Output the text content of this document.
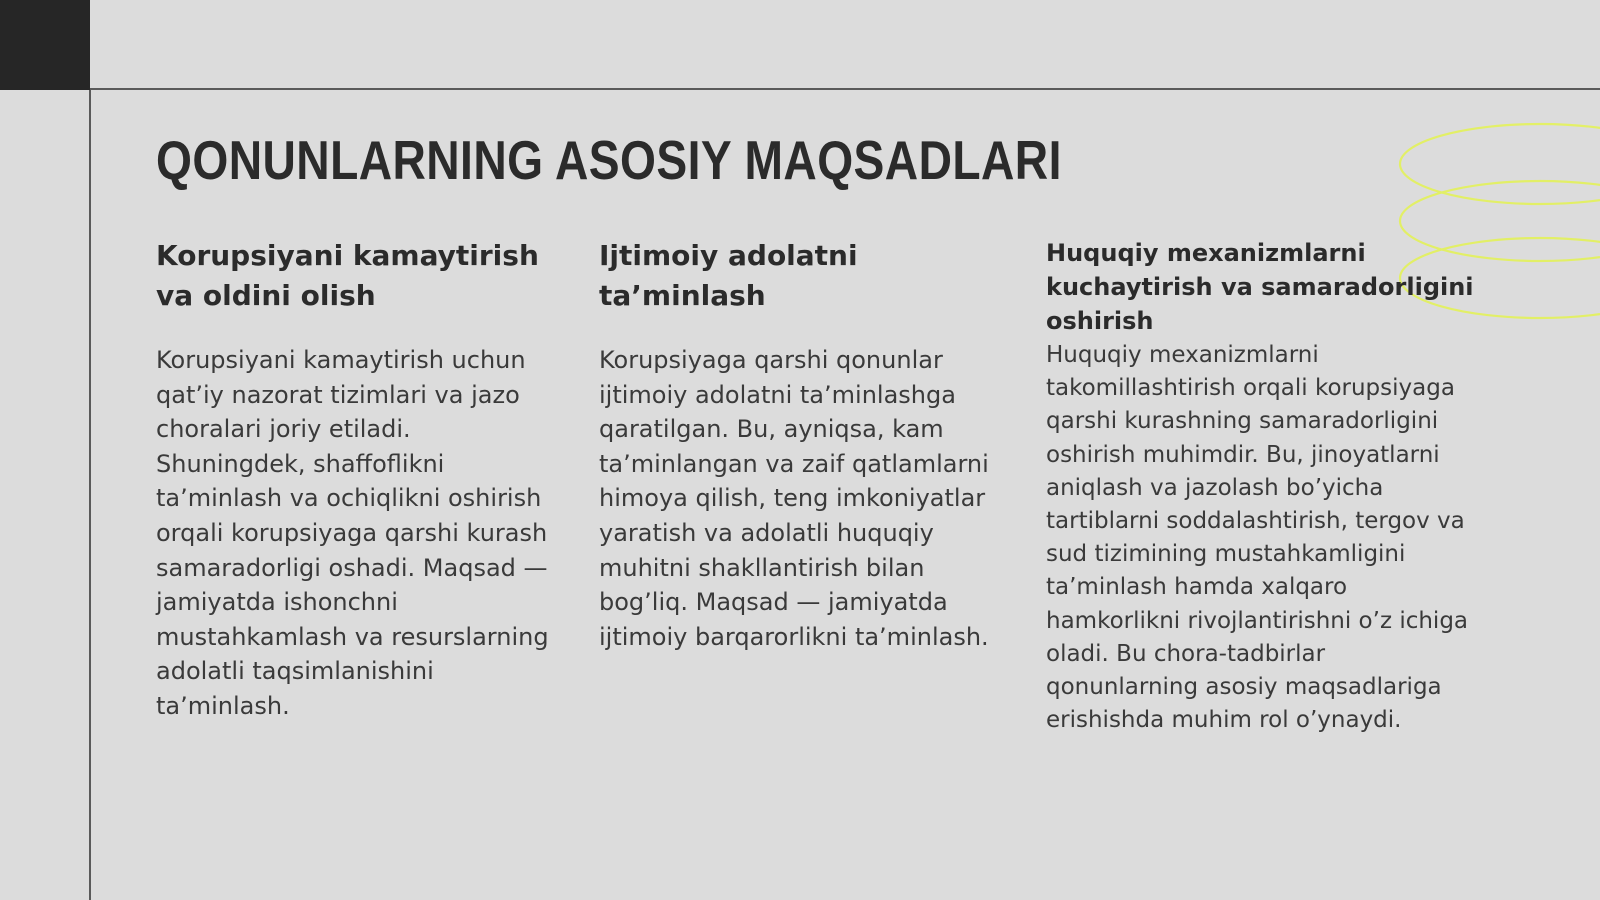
QONUNLARNING ASOSIY MAQSADLARI
Korupsiyani kamaytirish va oldini olish

Korupsiyani kamaytirish uchun qat’iy nazorat tizimlari va jazo choralari joriy etiladi. Shuningdek, shaffoflikni ta’minlash va ochiqlikni oshirish orqali korupsiyaga qarshi kurash samaradorligi oshadi. Maqsad — jamiyatda ishonchni mustahkamlash va resurslarning adolatli taqsimlanishini ta’minlash.

Ijtimoiy adolatni ta’minlash

Korupsiyaga qarshi qonunlar ijtimoiy adolatni ta’minlashga qaratilgan. Bu, ayniqsa, kam ta’minlangan va zaif qatlamlarni himoya qilish, teng imkoniyatlar yaratish va adolatli huquqiy muhitni shakllantirish bilan bog’liq. Maqsad — jamiyatda ijtimoiy barqarorlikni ta’minlash.

Huquqiy mexanizmlarni kuchaytirish va samaradorligini oshirish

Huquqiy mexanizmlarni takomillashtirish orqali korupsiyaga qarshi kurashning samaradorligini oshirish muhimdir. Bu, jinoyatlarni aniqlash va jazolash bo’yicha tartiblarni soddalashtirish, tergov va sud tizimining mustahkamligini ta’minlash hamda xalqaro hamkorlikni rivojlantirishni o’z ichiga oladi. Bu chora-tadbirlar qonunlarning asosiy maqsadlariga erishishda muhim rol o’ynaydi.
